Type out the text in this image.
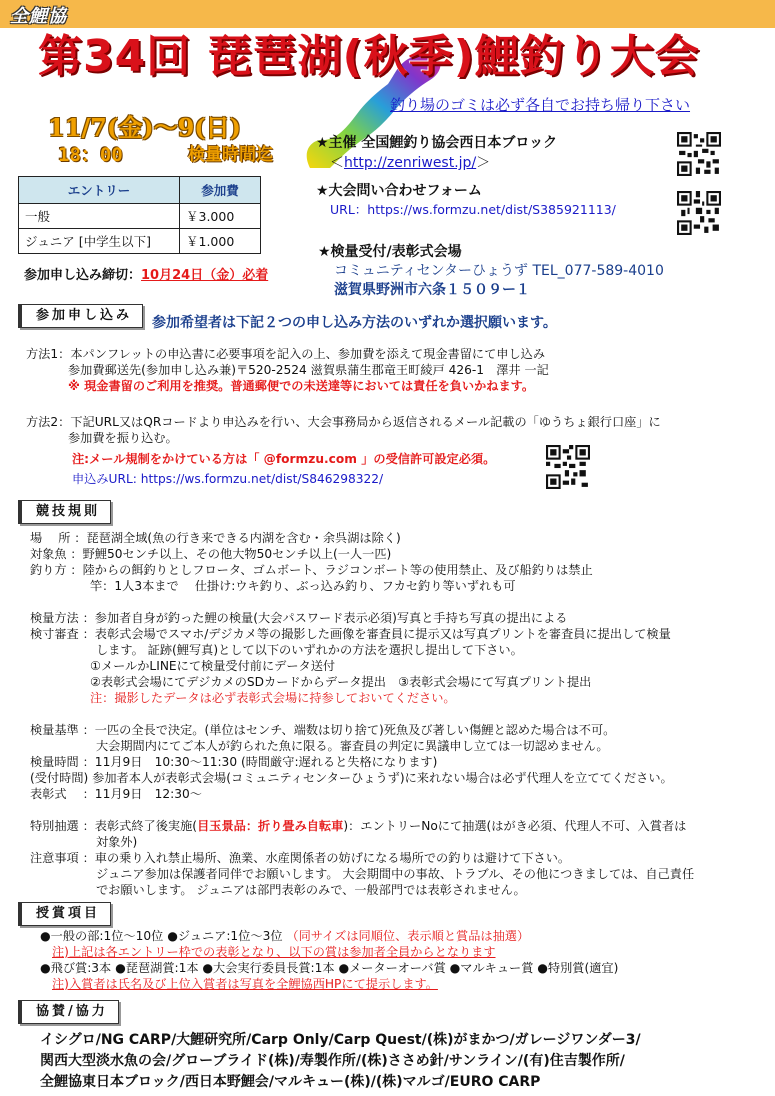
全鯉協
第34回 琵琶湖(秋季)鯉釣り大会
釣り場のゴミは必ず各自でお持ち帰り下さい
11/7(金)〜9(日)
18：00	検量時間迄
エントリー	参加費
一般	￥3.000
ジュニア [中学生以下]	￥1.000
参加申し込み締切：10月24日（金）必着
★主催 全国鯉釣り協会西日本ブロック
＜http://zenriwest.jp/＞
★大会問い合わせフォーム
URL：https://ws.formzu.net/dist/S385921113/
★検量受付/表彰式会場
コミュニティセンターひょうず TEL_077-589-4010
滋賀県野洲市六条１５０９ー１
参加申し込み	参加希望者は下記２つの申し込み方法のいずれか選択願います。
方法1：本パンフレットの申込書に必要事項を記入の上、参加費を添えて現金書留にて申し込み
参加費郵送先(参加申し込み兼)〒520-2524 滋賀県蒲生郡竜王町綾戸 426-1　澤井 一記
※ 現金書留のご利用を推奨。普通郵便での未送達等においては責任を負いかねます。
方法2：下記URL又はQRコードより申込みを行い、大会事務局から返信されるメール記載の「ゆうちょ銀行口座」に
参加費を振り込む。
注:メール規制をかけている方は「 @formzu.com 」の受信許可設定必須。
申込みURL: https://ws.formzu.net/dist/S846298322/
競技規則
場　 所 ：琵琶湖全域(魚の行き来できる内湖を含む・余呉湖は除く)
対象魚 ：野鯉50センチ以上、その他大物50センチ以上(一人一匹)
釣り方 ：陸からの餌釣りとしフロータ、ゴムボート、ラジコンボート等の使用禁止、及び船釣りは禁止
竿：1人3本まで　 仕掛け:ウキ釣り、ぶっ込み釣り、フカセ釣り等いずれも可
検量方法 ：参加者自身が釣った鯉の検量(大会パスワード表示必須)写真と手持ち写真の提出による
検寸審査 ：表彰式会場でスマホ/デジカメ等の撮影した画像を審査員に提示又は写真プリントを審査員に提出して検量
します。 証跡(鯉写真)として以下のいずれかの方法を選択し提出して下さい。
①メールかLINEにて検量受付前にデータ送付
②表彰式会場にてデジカメのSDカードからデータ提出　③表彰式会場にて写真プリント提出
注：撮影したデータは必ず表彰式会場に持参しておいてください。
検量基準 ：一匹の全長で決定。(単位はセンチ、端数は切り捨て)死魚及び著しい傷鯉と認めた場合は不可。
大会期間内にてご本人が釣られた魚に限る。審査員の判定に異議申し立ては一切認めません。
検量時間 ：11月9日　10:30〜11:30 (時間厳守:遅れると失格になります)
(受付時間) 参加者本人が表彰式会場(コミュニティセンターひょうず)に来れない場合は必ず代理人を立ててください。
表彰式　 ：11月9日　12:30〜
特別抽選 ：表彰式終了後実施(目玉景品：折り畳み自転車)：エントリーNoにて抽選(はがき必須、代理人不可、入賞者は
対象外)
注意事項 ：車の乗り入れ禁止場所、漁業、水産関係者の妨げになる場所での釣りは避けて下さい。
ジュニア参加は保護者同伴でお願いします。 大会期間中の事故、トラブル、その他につきましては、自己責任
でお願いします。 ジュニアは部門表彰のみで、一般部門では表彰されません。
授賞項目
●一般の部:1位〜10位 ●ジュニア:1位〜3位 （同サイズは同順位、表示順と賞品は抽選）
注)上記は各エントリー枠での表彰となり、以下の賞は参加者全員からとなります
●飛び賞:3本 ●琵琶湖賞:1本 ●大会実行委員長賞:1本 ●メーターオーバ賞 ●マルキュー賞 ●特別賞(適宜)
注)入賞者は氏名及び上位入賞者は写真を全鯉協西HPにて提示します。
協賛/協力
イシグロ/NG CARP/大鯉研究所/Carp Only/Carp Quest/(株)がまかつ/ガレージワンダー3/
関西大型淡水魚の会/グローブライド(株)/寿製作所/(株)ささめ針/サンライン/(有)住吉製作所/
全鯉協東日本ブロック/西日本野鯉会/マルキュー(株)/(株)マルゴ/EURO CARP
